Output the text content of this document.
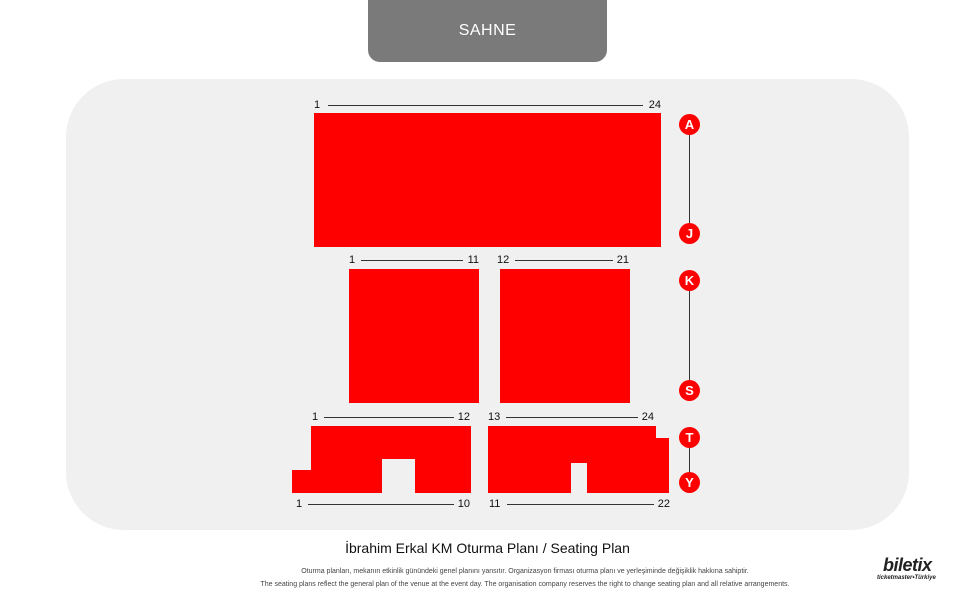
SAHNE
1	24
1	11 12	21
1	12 13	24
1	10 11	22
A
J
K
S
T
Y
İbrahim Erkal KM Oturma Planı / Seating Plan
Oturma planları, mekanın etkinlik günündeki genel planını yansıtır. Organizasyon firması oturma planı ve yerleşiminde değişiklik hakkına sahiptir.
The seating plans reflect the general plan of the venue at the event day. The organisation company reserves the right to change seating plan and all relative arrangements.
biletix
ticketmaster•Türkiye
